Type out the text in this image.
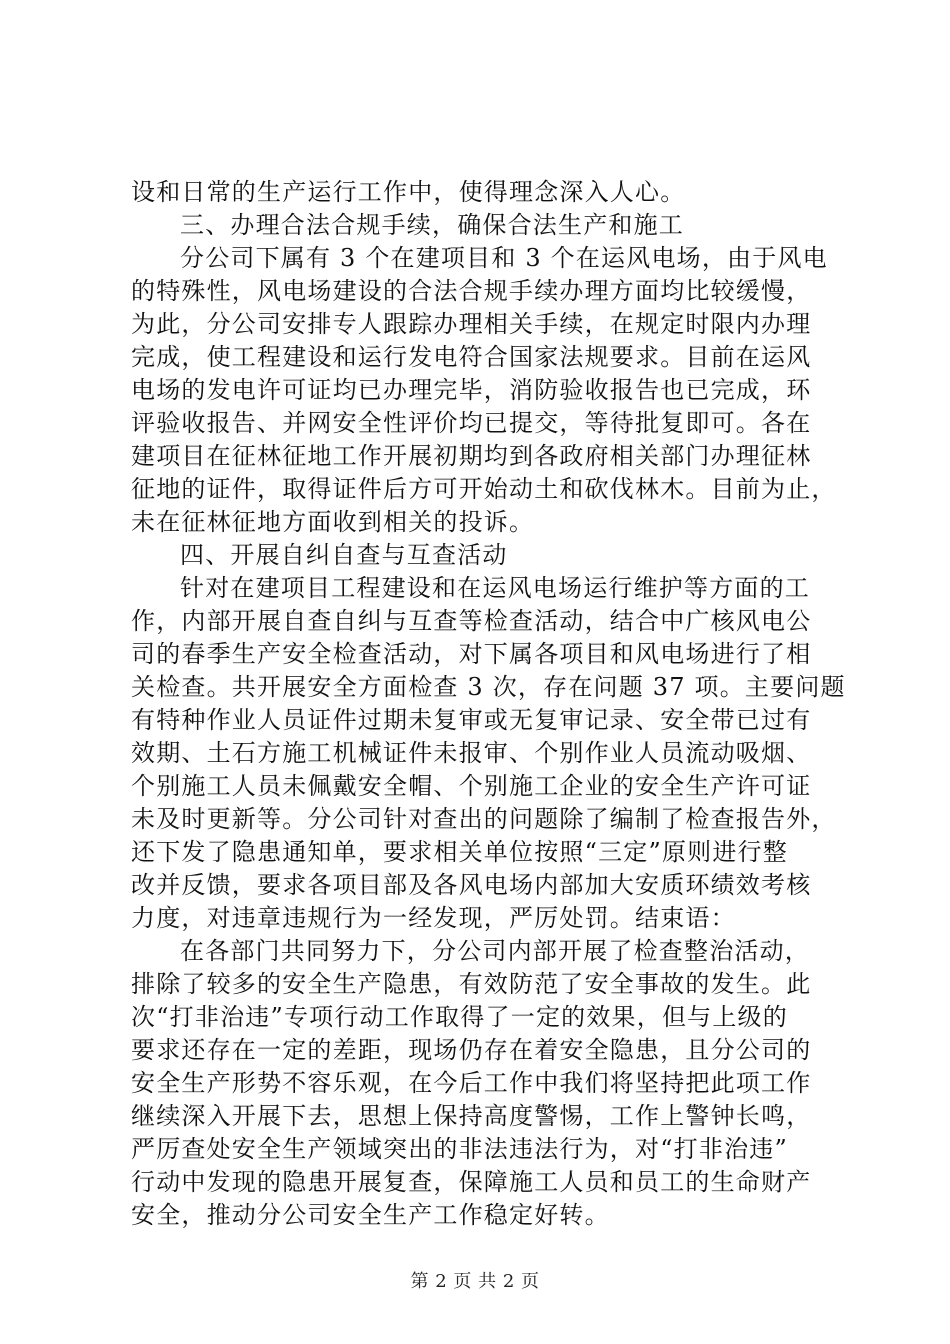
设和日常的生产运行工作中，使得理念深入人心。
三、办理合法合规手续，确保合法生产和施工
分公司下属有 3 个在建项目和 3 个在运风电场，由于风电
的特殊性，风电场建设的合法合规手续办理方面均比较缓慢，
为此，分公司安排专人跟踪办理相关手续，在规定时限内办理
完成，使工程建设和运行发电符合国家法规要求。目前在运风
电场的发电许可证均已办理完毕，消防验收报告也已完成，环
评验收报告、并网安全性评价均已提交，等待批复即可。各在
建项目在征林征地工作开展初期均到各政府相关部门办理征林
征地的证件，取得证件后方可开始动土和砍伐林木。目前为止，
未在征林征地方面收到相关的投诉。
四、开展自纠自查与互查活动
针对在建项目工程建设和在运风电场运行维护等方面的工
作，内部开展自查自纠与互查等检查活动，结合中广核风电公
司的春季生产安全检查活动，对下属各项目和风电场进行了相
关检查。共开展安全方面检查 3 次，存在问题 37 项。主要问题
有特种作业人员证件过期未复审或无复审记录、安全带已过有
效期、土石方施工机械证件未报审、个别作业人员流动吸烟、
个别施工人员未佩戴安全帽、个别施工企业的安全生产许可证
未及时更新等。分公司针对查出的问题除了编制了检查报告外，
还下发了隐患通知单，要求相关单位按照“三定”原则进行整
改并反馈，要求各项目部及各风电场内部加大安质环绩效考核
力度，对违章违规行为一经发现，严厉处罚。结束语：
在各部门共同努力下，分公司内部开展了检查整治活动，
排除了较多的安全生产隐患，有效防范了安全事故的发生。此
次“打非治违”专项行动工作取得了一定的效果，但与上级的
要求还存在一定的差距，现场仍存在着安全隐患，且分公司的
安全生产形势不容乐观，在今后工作中我们将坚持把此项工作
继续深入开展下去，思想上保持高度警惕，工作上警钟长鸣，
严厉查处安全生产领域突出的非法违法行为，对“打非治违”
行动中发现的隐患开展复查，保障施工人员和员工的生命财产
安全，推动分公司安全生产工作稳定好转。
第 2 页 共 2 页
